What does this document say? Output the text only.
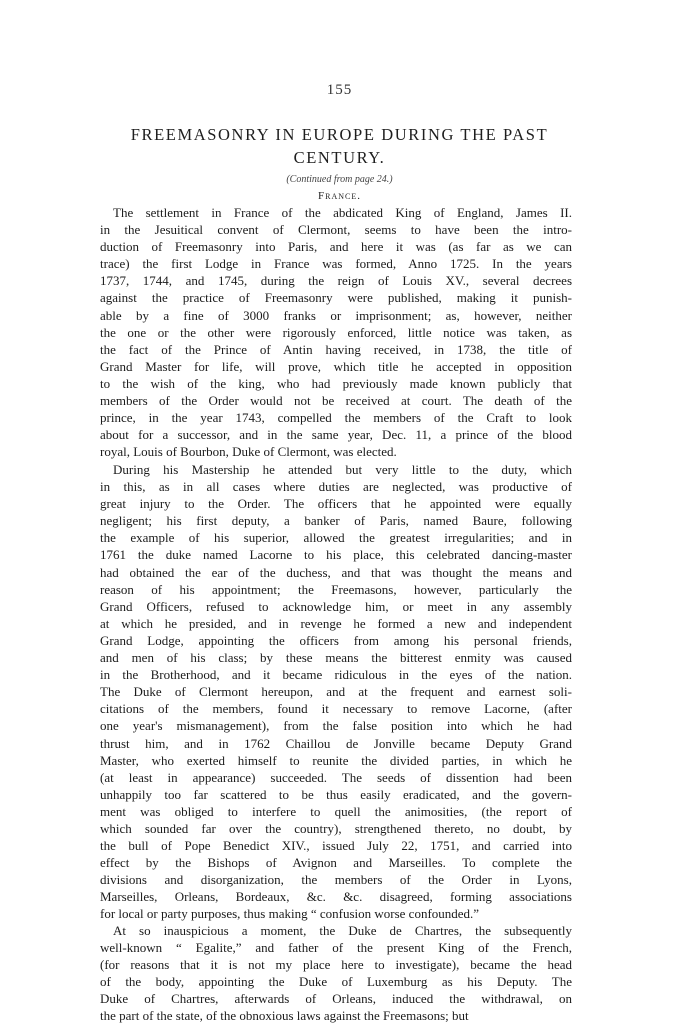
155
FREEMASONRY IN EUROPE DURING THE PAST
CENTURY.
(Continued from page 24.)
France.
The settlement in France of the abdicated King of England, James II.
in the Jesuitical convent of Clermont, seems to have been the intro-
duction of Freemasonry into Paris, and here it was (as far as we can
trace) the first Lodge in France was formed, Anno 1725. In the years
1737, 1744, and 1745, during the reign of Louis XV., several decrees
against the practice of Freemasonry were published, making it punish-
able by a fine of 3000 franks or imprisonment; as, however, neither
the one or the other were rigorously enforced, little notice was taken, as
the fact of the Prince of Antin having received, in 1738, the title of
Grand Master for life, will prove, which title he accepted in opposition
to the wish of the king, who had previously made known publicly that
members of the Order would not be received at court. The death of the
prince, in the year 1743, compelled the members of the Craft to look
about for a successor, and in the same year, Dec. 11, a prince of the blood
royal, Louis of Bourbon, Duke of Clermont, was elected.
During his Mastership he attended but very little to the duty, which
in this, as in all cases where duties are neglected, was productive of
great injury to the Order. The officers that he appointed were equally
negligent; his first deputy, a banker of Paris, named Baure, following
the example of his superior, allowed the greatest irregularities; and in
1761 the duke named Lacorne to his place, this celebrated dancing-master
had obtained the ear of the duchess, and that was thought the means and
reason of his appointment; the Freemasons, however, particularly the
Grand Officers, refused to acknowledge him, or meet in any assembly
at which he presided, and in revenge he formed a new and independent
Grand Lodge, appointing the officers from among his personal friends,
and men of his class; by these means the bitterest enmity was caused
in the Brotherhood, and it became ridiculous in the eyes of the nation.
The Duke of Clermont hereupon, and at the frequent and earnest soli-
citations of the members, found it necessary to remove Lacorne, (after
one year's mismanagement), from the false position into which he had
thrust him, and in 1762 Chaillou de Jonville became Deputy Grand
Master, who exerted himself to reunite the divided parties, in which he
(at least in appearance) succeeded. The seeds of dissention had been
unhappily too far scattered to be thus easily eradicated, and the govern-
ment was obliged to interfere to quell the animosities, (the report of
which sounded far over the country), strengthened thereto, no doubt, by
the bull of Pope Benedict XIV., issued July 22, 1751, and carried into
effect by the Bishops of Avignon and Marseilles. To complete the
divisions and disorganization, the members of the Order in Lyons,
Marseilles, Orleans, Bordeaux, &c. &c. disagreed, forming associations
for local or party purposes, thus making “ confusion worse confounded.”
At so inauspicious a moment, the Duke de Chartres, the subsequently
well-known “ Egalite,” and father of the present King of the French,
(for reasons that it is not my place here to investigate), became the head
of the body, appointing the Duke of Luxemburg as his Deputy. The
Duke of Chartres, afterwards of Orleans, induced the withdrawal, on
the part of the state, of the obnoxious laws against the Freemasons; but
